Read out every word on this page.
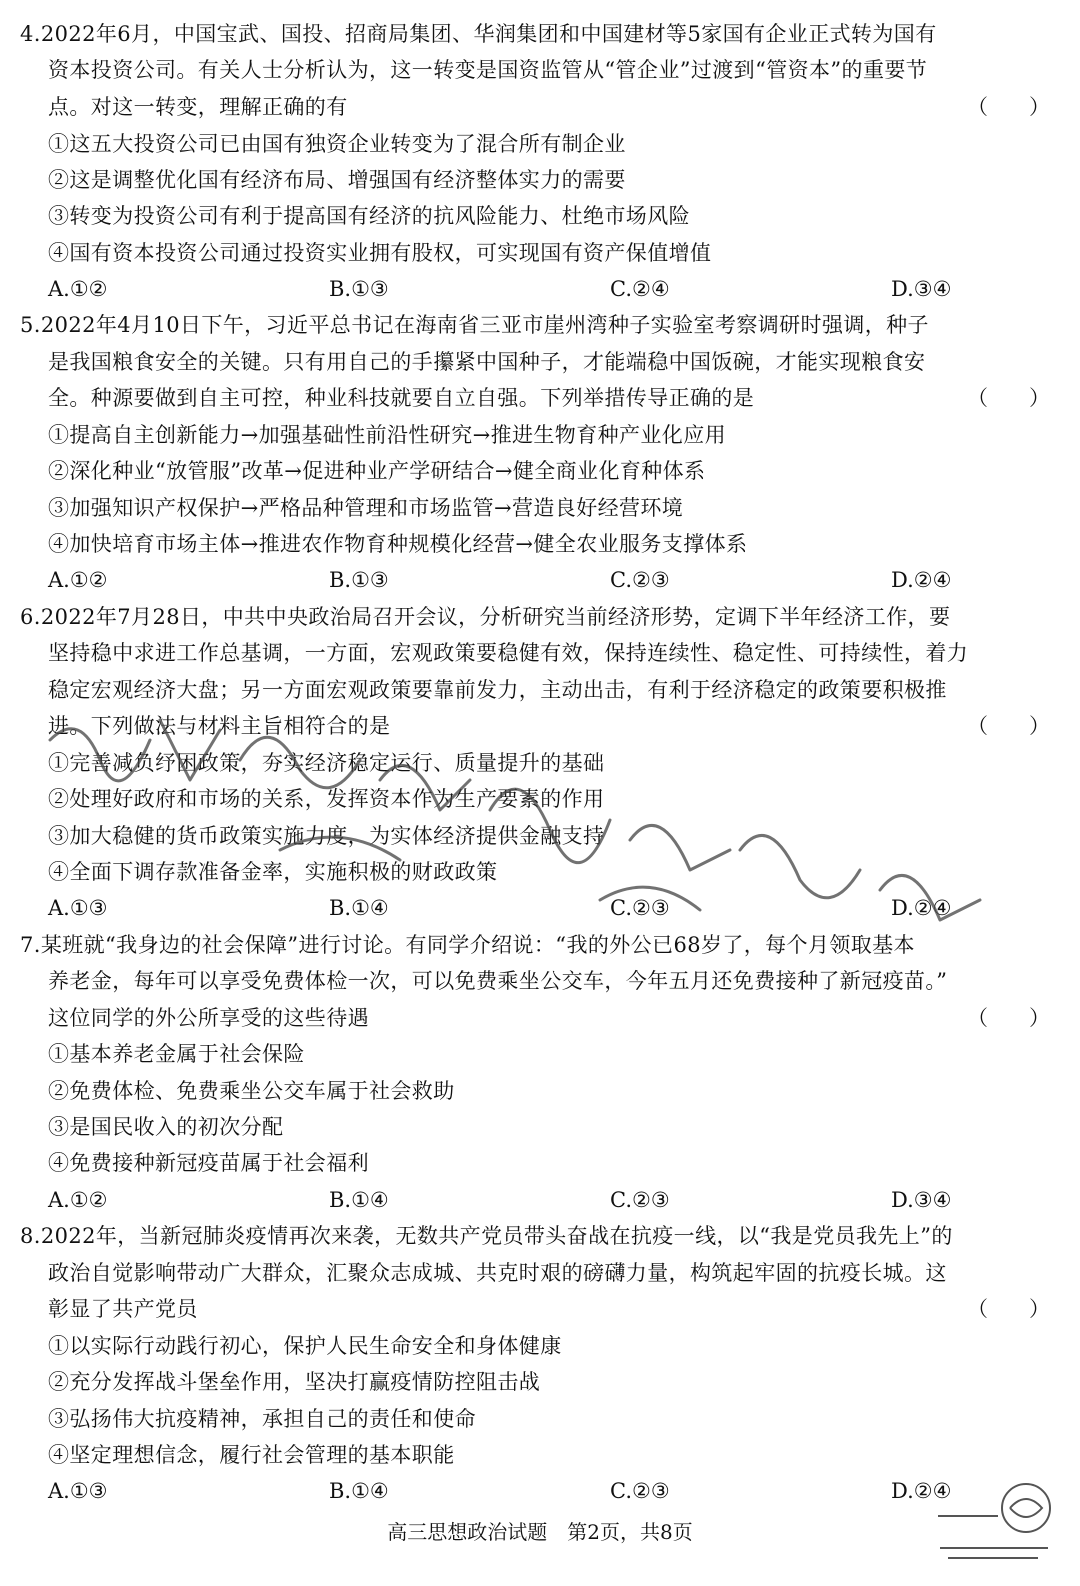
4.2022年6月，中国宝武、国投、招商局集团、华润集团和中国建材等5家国有企业正式转为国有
资本投资公司。有关人士分析认为，这一转变是国资监管从“管企业”过渡到“管资本”的重要节
点。对这一转变，理解正确的有	（　）
①这五大投资公司已由国有独资企业转变为了混合所有制企业
②这是调整优化国有经济布局、增强国有经济整体实力的需要
③转变为投资公司有利于提高国有经济的抗风险能力、杜绝市场风险
④国有资本投资公司通过投资实业拥有股权，可实现国有资产保值增值
A.①②	B.①③	C.②④	D.③④
5.2022年4月10日下午，习近平总书记在海南省三亚市崖州湾种子实验室考察调研时强调，种子
是我国粮食安全的关键。只有用自己的手攥紧中国种子，才能端稳中国饭碗，才能实现粮食安
全。种源要做到自主可控，种业科技就要自立自强。下列举措传导正确的是	（　）
①提高自主创新能力→加强基础性前沿性研究→推进生物育种产业化应用
②深化种业“放管服”改革→促进种业产学研结合→健全商业化育种体系
③加强知识产权保护→严格品种管理和市场监管→营造良好经营环境
④加快培育市场主体→推进农作物育种规模化经营→健全农业服务支撑体系
A.①②	B.①③	C.②③	D.②④
6.2022年7月28日，中共中央政治局召开会议，分析研究当前经济形势，定调下半年经济工作，要
坚持稳中求进工作总基调，一方面，宏观政策要稳健有效，保持连续性、稳定性、可持续性，着力
稳定宏观经济大盘；另一方面宏观政策要靠前发力，主动出击，有利于经济稳定的政策要积极推
进。下列做法与材料主旨相符合的是	（　）
①完善减负纾困政策，夯实经济稳定运行、质量提升的基础
②处理好政府和市场的关系，发挥资本作为生产要素的作用
③加大稳健的货币政策实施力度，为实体经济提供金融支持
④全面下调存款准备金率，实施积极的财政政策
A.①③	B.①④	C.②③	D.②④
7.某班就“我身边的社会保障”进行讨论。有同学介绍说：“我的外公已68岁了，每个月领取基本
养老金，每年可以享受免费体检一次，可以免费乘坐公交车，今年五月还免费接种了新冠疫苗。”
这位同学的外公所享受的这些待遇	（　）
①基本养老金属于社会保险
②免费体检、免费乘坐公交车属于社会救助
③是国民收入的初次分配
④免费接种新冠疫苗属于社会福利
A.①②	B.①④	C.②③	D.③④
8.2022年，当新冠肺炎疫情再次来袭，无数共产党员带头奋战在抗疫一线，以“我是党员我先上”的
政治自觉影响带动广大群众，汇聚众志成城、共克时艰的磅礴力量，构筑起牢固的抗疫长城。这
彰显了共产党员	（　）
①以实际行动践行初心，保护人民生命安全和身体健康
②充分发挥战斗堡垒作用，坚决打赢疫情防控阻击战
③弘扬伟大抗疫精神，承担自己的责任和使命
④坚定理想信念，履行社会管理的基本职能
A.①③	B.①④	C.②③	D.②④
高三思想政治试题　第2页，共8页
